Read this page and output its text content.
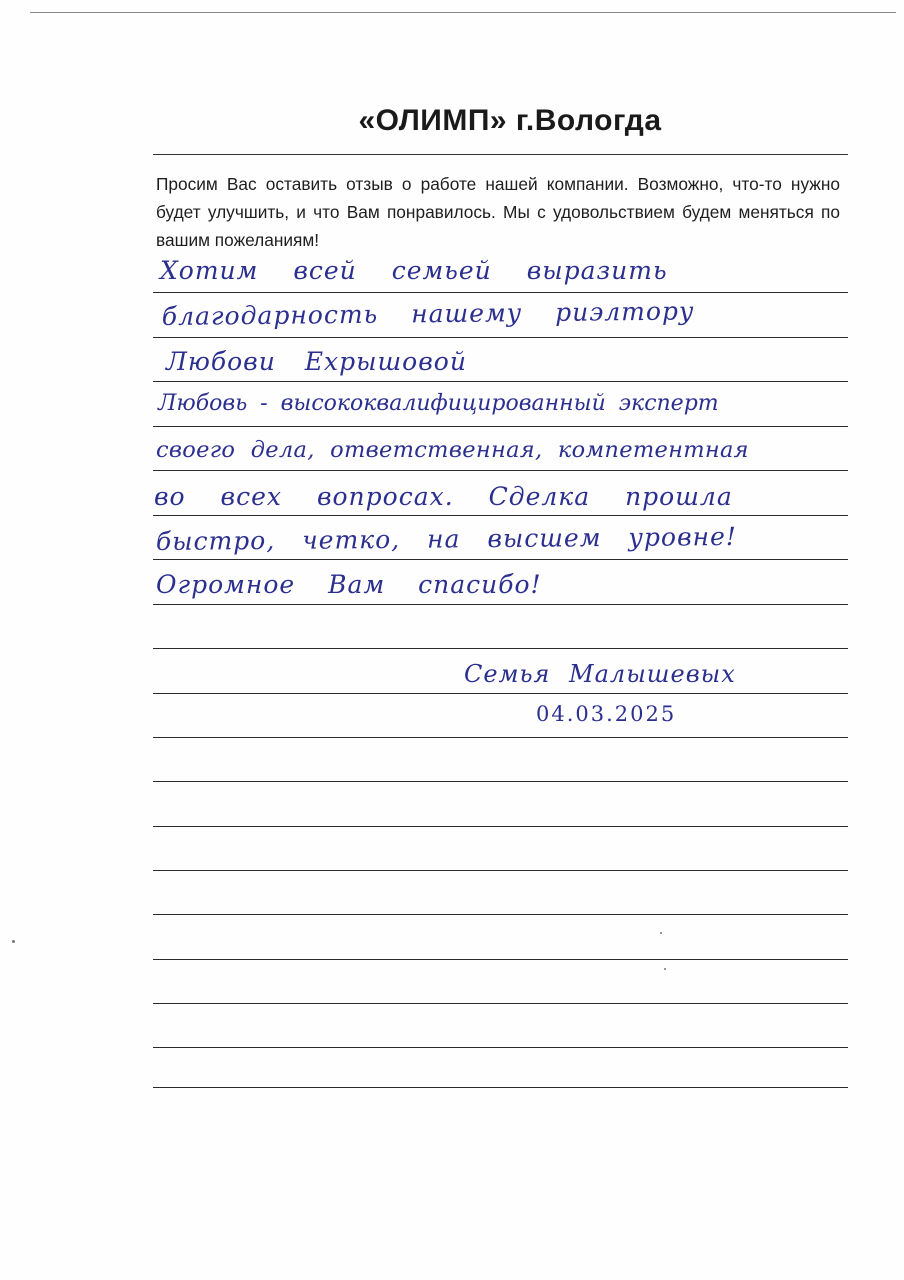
«ОЛИМП» г.Вологда

Просим Вас оставить отзыв о работе нашей компании. Возможно, что-то нужно будет улучшить, и что Вам понравилось. Мы с удовольствием будем меняться по вашим пожеланиям!

Хотим всей семьей выразить

благодарность нашему риэлтору

Любови Ехрышовой

Любовь - высококвалифицированный эксперт

своего дела, ответственная, компетентная

во всех вопросах. Сделка прошла

быстро, четко, на высшем уровне!

Огромное Вам спасибо!

Семья Малышевых

04.03.2025
